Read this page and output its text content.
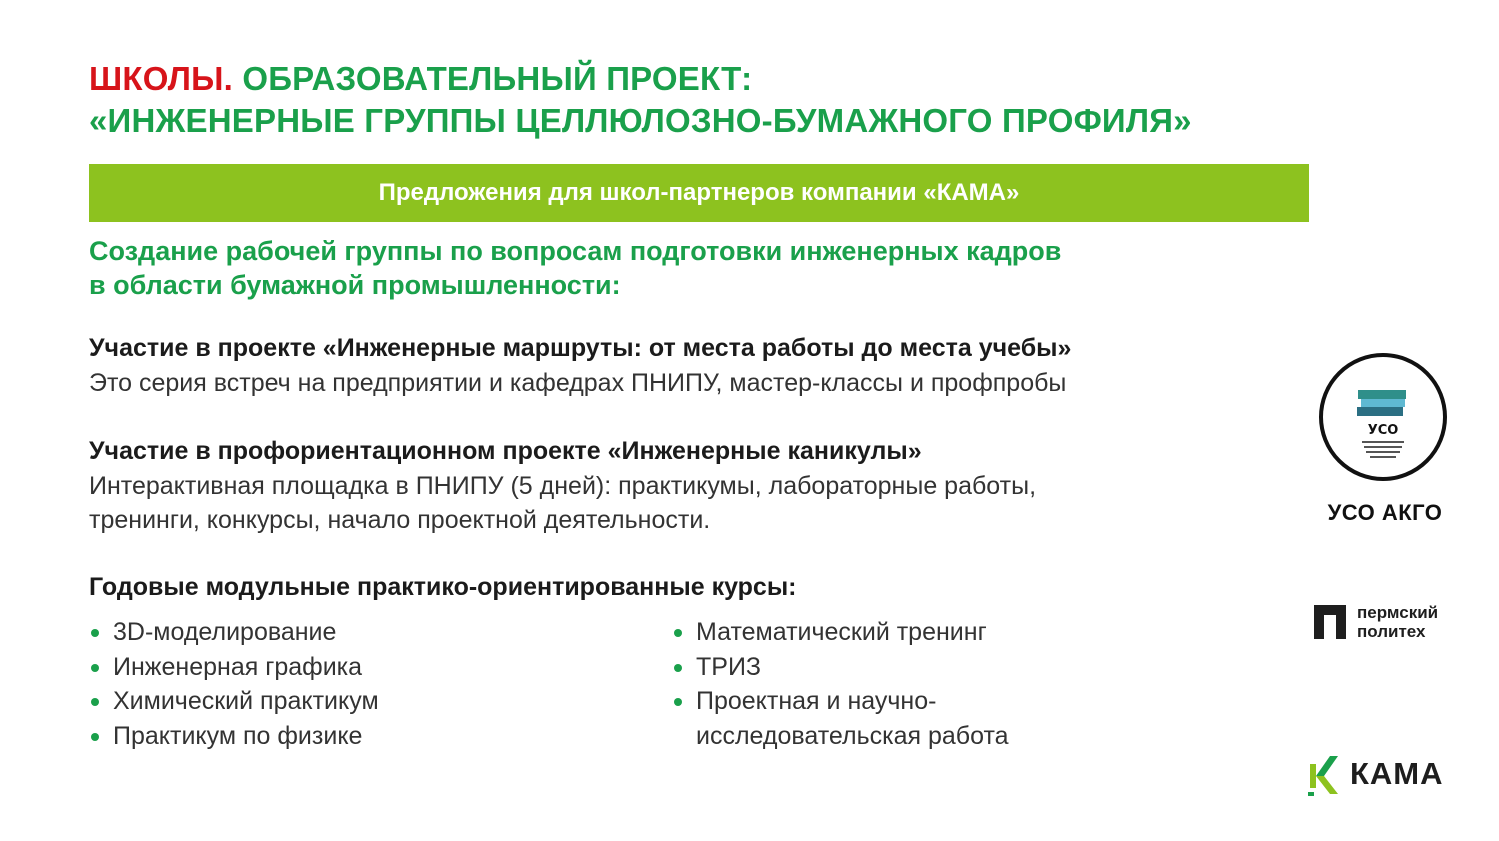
ШКОЛЫ. ОБРАЗОВАТЕЛЬНЫЙ ПРОЕКТ:
«ИНЖЕНЕРНЫЕ ГРУППЫ ЦЕЛЛЮЛОЗНО-БУМАЖНОГО ПРОФИЛЯ»
Предложения для школ-партнеров компании «КАМА»
Создание рабочей группы по вопросам подготовки инженерных кадров
в области бумажной промышленности:
Участие в проекте «Инженерные маршруты: от места работы до места учебы»
Это серия встреч на предприятии и кафедрах ПНИПУ, мастер-классы и профпробы
Участие в профориентационном проекте «Инженерные каникулы»
Интерактивная площадка в ПНИПУ (5 дней): практикумы, лабораторные работы,
тренинги, конкурсы, начало проектной деятельности.
Годовые модульные практико-ориентированные курсы:
3D-моделирование
Инженерная графика
Химический практикум
Практикум по физике
Математический тренинг
ТРИЗ
Проектная и научно-
исследовательская работа
УСО
УСО АКГО
пермский
политех
КАМА
